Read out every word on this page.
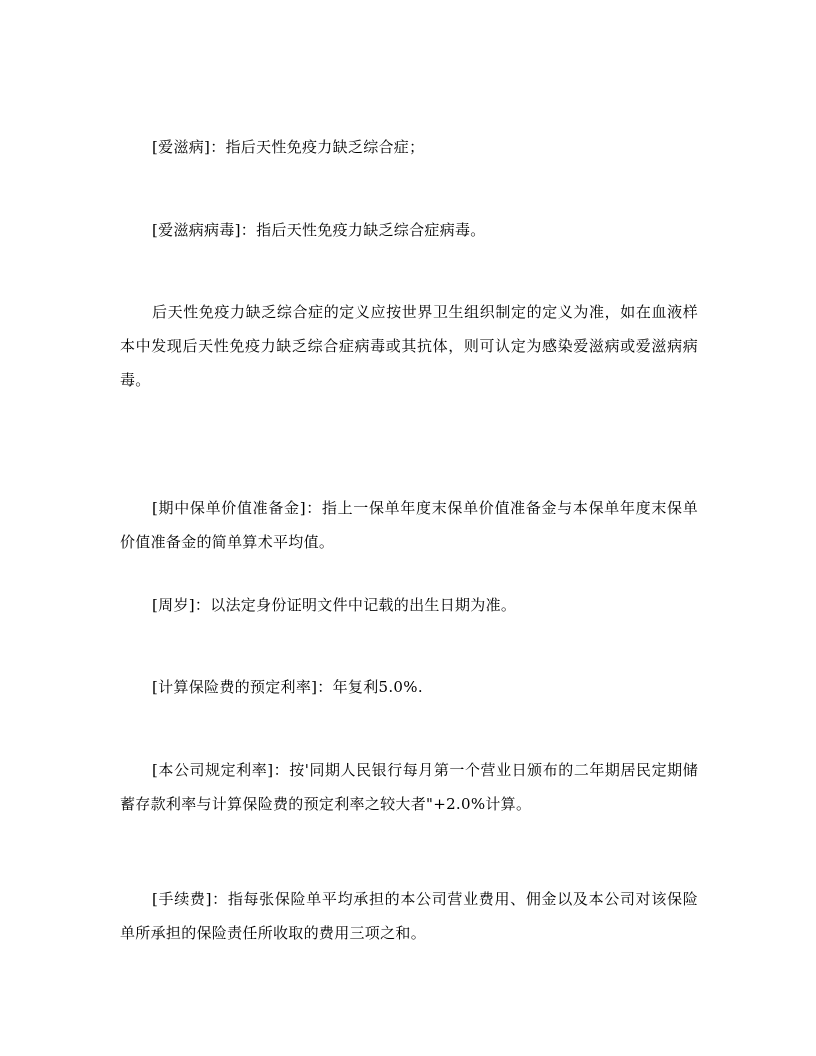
[爱滋病]：指后天性免疫力缺乏综合症；

[爱滋病病毒]：指后天性免疫力缺乏综合症病毒。

后天性免疫力缺乏综合症的定义应按世界卫生组织制定的定义为准，如在血液样本中发现后天性免疫力缺乏综合症病毒或其抗体，则可认定为感染爱滋病或爱滋病病毒。

[期中保单价值准备金]：指上一保单年度末保单价值准备金与本保单年度末保单价值准备金的简单算术平均值。

[周岁]：以法定身份证明文件中记载的出生日期为准。

[计算保险费的预定利率]：年复利5.0%.

[本公司规定利率]：按'同期人民银行每月第一个营业日颁布的二年期居民定期储蓄存款利率与计算保险费的预定利率之较大者"+2.0%计算。

[手续费]：指每张保险单平均承担的本公司营业费用、佣金以及本公司对该保险单所承担的保险责任所收取的费用三项之和。
